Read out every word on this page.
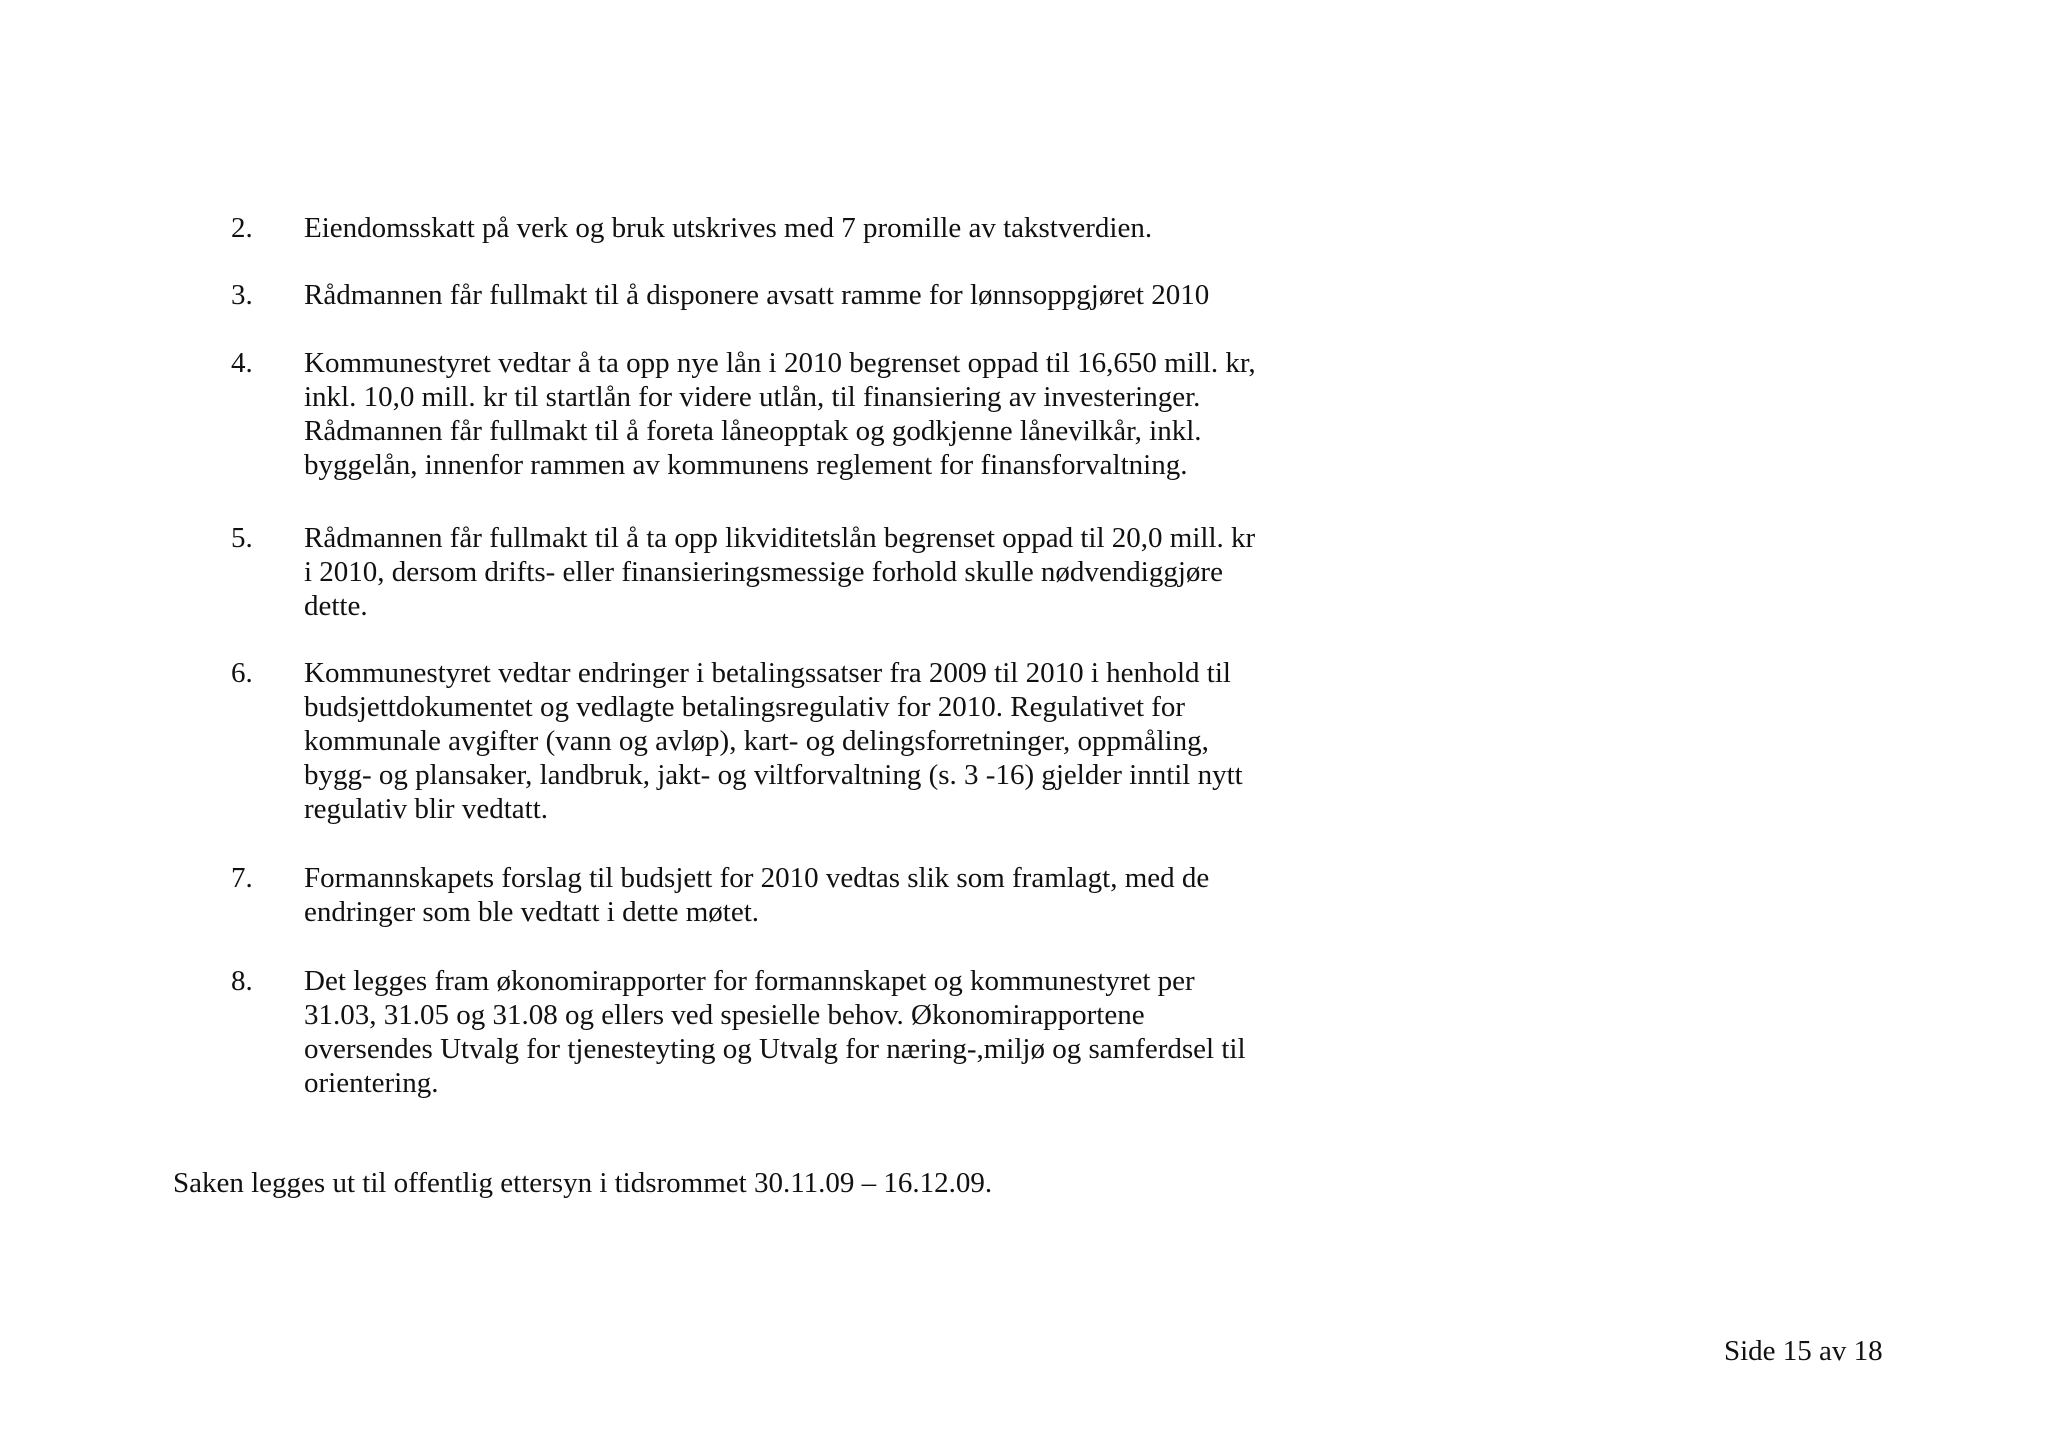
2. Eiendomsskatt på verk og bruk utskrives med 7 promille av takstverdien.
3. Rådmannen får fullmakt til å disponere avsatt ramme for lønnsoppgjøret 2010
4. Kommunestyret vedtar å ta opp nye lån i 2010 begrenset oppad til 16,650 mill. kr,
inkl. 10,0 mill. kr til startlån for videre utlån, til finansiering av investeringer.
Rådmannen får fullmakt til å foreta låneopptak og godkjenne lånevilkår, inkl.
byggelån, innenfor rammen av kommunens reglement for finansforvaltning.
5. Rådmannen får fullmakt til å ta opp likviditetslån begrenset oppad til 20,0 mill. kr
i 2010, dersom drifts- eller finansieringsmessige forhold skulle nødvendiggjøre
dette.
6. Kommunestyret vedtar endringer i betalingssatser fra 2009 til 2010 i henhold til
budsjettdokumentet og vedlagte betalingsregulativ for 2010. Regulativet for
kommunale avgifter (vann og avløp), kart- og delingsforretninger, oppmåling,
bygg- og plansaker, landbruk, jakt- og viltforvaltning (s. 3 -16) gjelder inntil nytt
regulativ blir vedtatt.
7. Formannskapets forslag til budsjett for 2010 vedtas slik som framlagt, med de
endringer som ble vedtatt i dette møtet.
8. Det legges fram økonomirapporter for formannskapet og kommunestyret per
31.03, 31.05 og 31.08 og ellers ved spesielle behov. Økonomirapportene
oversendes Utvalg for tjenesteyting og Utvalg for næring-,miljø og samferdsel til
orientering.

Saken legges ut til offentlig ettersyn i tidsrommet 30.11.09 – 16.12.09.

Side 15 av 18
